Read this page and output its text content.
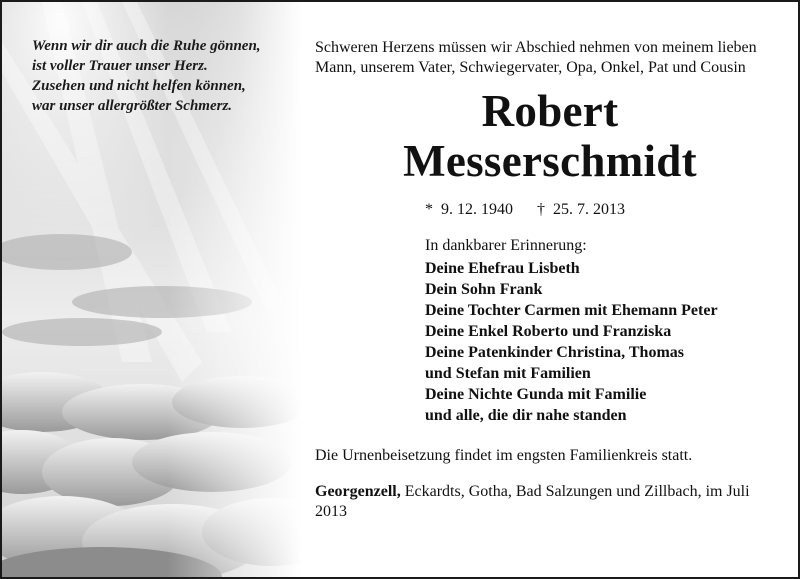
Wenn wir dir auch die Ruhe gönnen,
ist voller Trauer unser Herz.
Zusehen und nicht helfen können,
war unser allergrößter Schmerz.

Schweren Herzens müssen wir Abschied nehmen von meinem lieben Mann, unserem Vater, Schwiegervater, Opa, Onkel, Pat und Cousin

Robert
Messerschmidt

*  9. 12. 1940 †  25. 7. 2013

In dankbarer Erinnerung:

Deine Ehefrau Lisbeth
Dein Sohn Frank
Deine Tochter Carmen mit Ehemann Peter
Deine Enkel Roberto und Franziska
Deine Patenkinder Christina, Thomas
und Stefan mit Familien
Deine Nichte Gunda mit Familie
und alle, die dir nahe standen

Die Urnenbeisetzung findet im engsten Familienkreis statt.

Georgenzell, Eckardts, Gotha, Bad Salzungen und Zillbach, im Juli 2013
